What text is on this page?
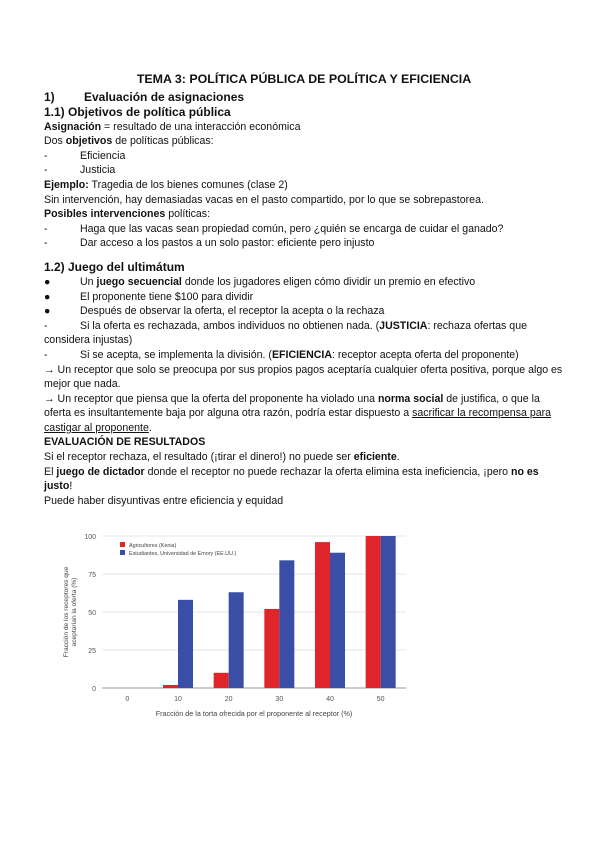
TEMA 3: POLÍTICA PÚBLICA DE POLÍTICA Y EFICIENCIA
1) Evaluación de asignaciones
1.1) Objetivos de política pública
Asignación = resultado de una interacción económica
Dos objetivos de políticas públicas:
-	Eficiencia
-	Justicia
Ejemplo: Tragedia de los bienes comunes (clase 2)
Sin intervención, hay demasiadas vacas en el pasto compartido, por lo que se sobrepastorea.
Posibles intervenciones políticas:
-	Haga que las vacas sean propiedad común, pero ¿quién se encarga de cuidar el ganado?
-	Dar acceso a los pastos a un solo pastor: eficiente pero injusto
1.2) Juego del ultimátum
●	Un juego secuencial donde los jugadores eligen cómo dividir un premio en efectivo
●	El proponente tiene $100 para dividir
●	Después de observar la oferta, el receptor la acepta o la rechaza
-	Si la oferta es rechazada, ambos individuos no obtienen nada. (JUSTICIA: rechaza ofertas que considera injustas)
-	Si se acepta, se implementa la división. (EFICIENCIA: receptor acepta oferta del proponente)
→ Un receptor que solo se preocupa por sus propios pagos aceptaría cualquier oferta positiva, porque algo es mejor que nada.
→ Un receptor que piensa que la oferta del proponente ha violado una norma social de justifica, o que la oferta es insultantemente baja por alguna otra razón, podría estar dispuesto a sacrificar la recompensa para castigar al proponente.
EVALUACIÓN DE RESULTADOS
Si el receptor rechaza, el resultado (¡tirar el dinero!) no puede ser eficiente.
El juego de dictador donde el receptor no puede rechazar la oferta elimina esta ineficiencia, ¡pero no es justo!
Puede haber disyuntivas entre eficiencia y equidad
0
25
50
75
100
0	10	20	30	40	50
Agricultores (Kenia)
Estudiantes, Universidad de Emory (EE.UU.)
Fracción de la torta ofrecida por el proponente al receptor (%)
Fracción de los receptores queaceptarían la oferta (%)
